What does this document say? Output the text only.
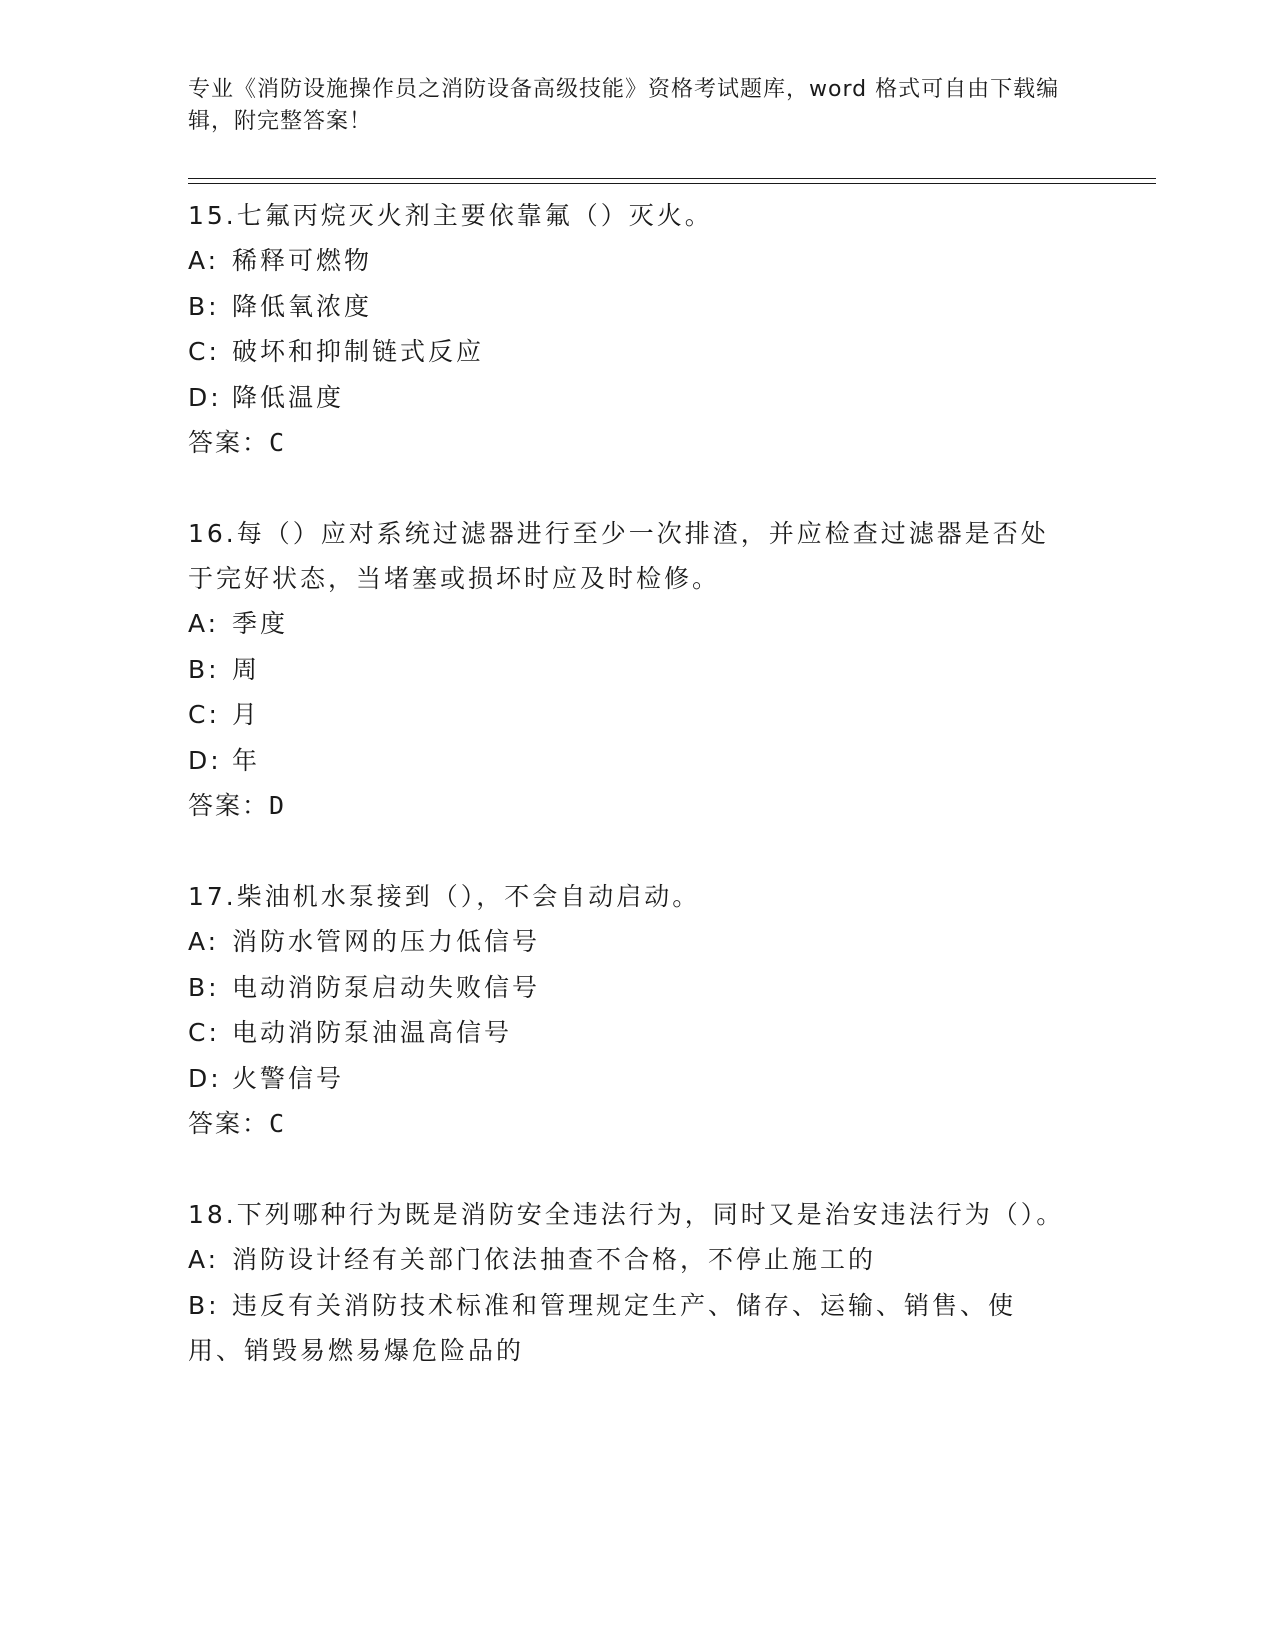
专业《消防设施操作员之消防设备高级技能》资格考试题库，word 格式可自由下载编辑，附完整答案！
15.七氟丙烷灭火剂主要依靠氟（）灭火。
A: 稀释可燃物
B: 降低氧浓度
C: 破坏和抑制链式反应
D: 降低温度
答案：C
16.每（）应对系统过滤器进行至少一次排渣，并应检查过滤器是否处于完好状态，当堵塞或损坏时应及时检修。
A: 季度
B: 周
C: 月
D: 年
答案：D
17.柴油机水泵接到（），不会自动启动。
A: 消防水管网的压力低信号
B: 电动消防泵启动失败信号
C: 电动消防泵油温高信号
D: 火警信号
答案：C
18.下列哪种行为既是消防安全违法行为，同时又是治安违法行为（）。
A: 消防设计经有关部门依法抽查不合格，不停止施工的
B: 违反有关消防技术标准和管理规定生产、储存、运输、销售、使用、销毁易燃易爆危险品的
